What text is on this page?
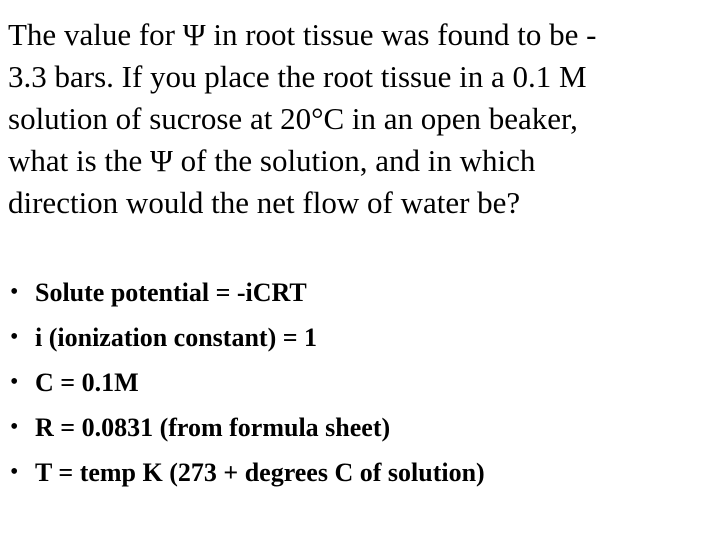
The value for Ψ in root tissue was found to be -
3.3 bars. If you place the root tissue in a 0.1 M
solution of sucrose at 20°C in an open beaker,
what is the Ψ of the solution, and in which
direction would the net flow of water be?

• Solute potential = -iCRT
• i (ionization constant) = 1
• C = 0.1M
• R = 0.0831 (from formula sheet)
• T = temp K (273 + degrees C of solution)
